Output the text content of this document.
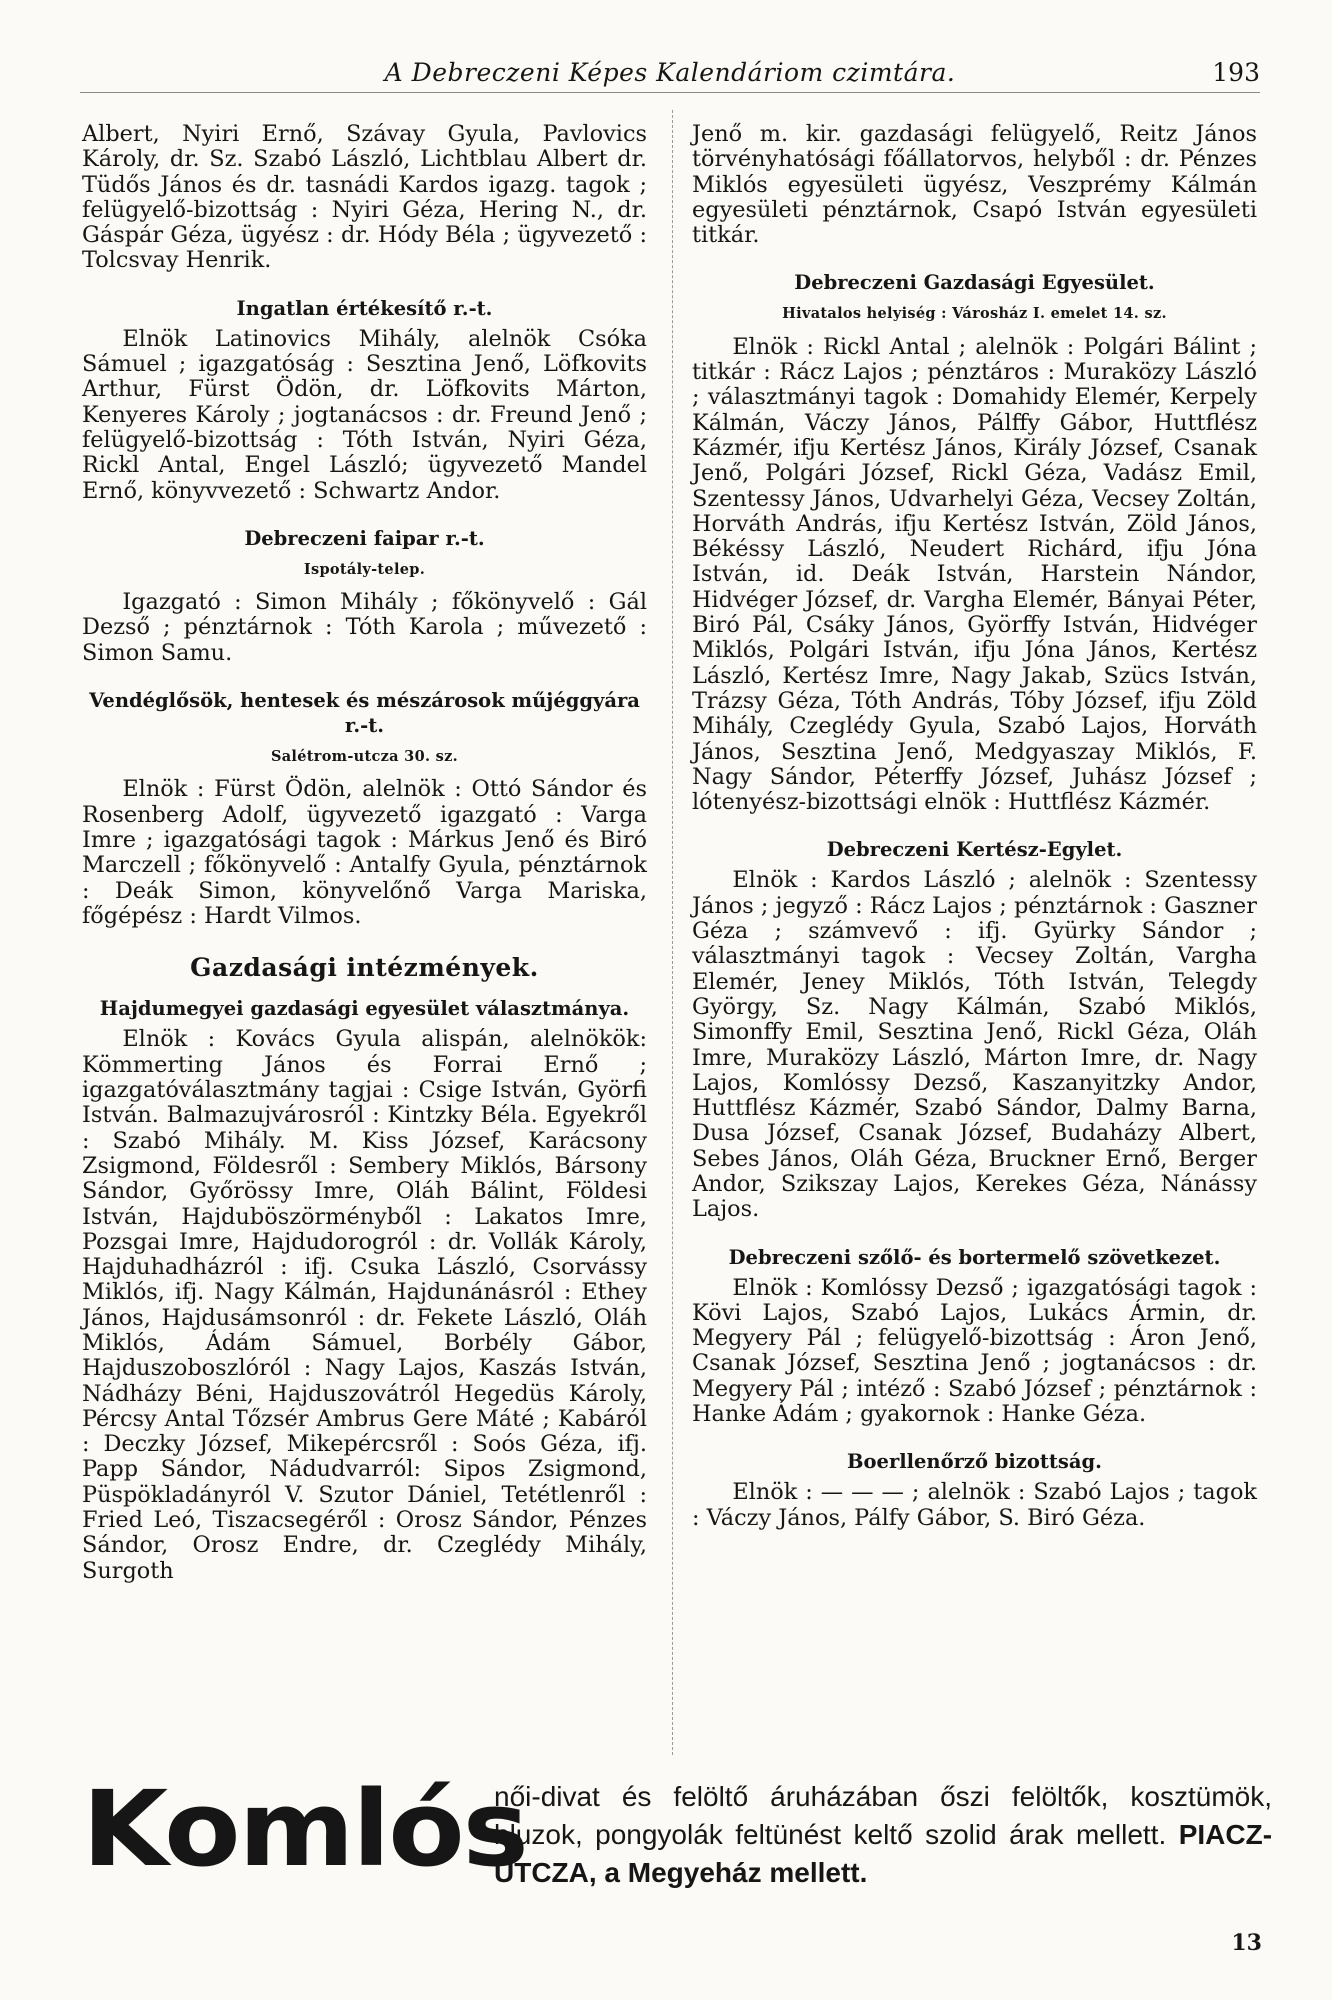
A Debreczeni Képes Kalendáriom czimtára.	193

Albert, Nyiri Ernő, Szávay Gyula, Pavlovics Károly, dr. Sz. Szabó László, Lichtblau Albert dr. Tüdős János és dr. tasnádi Kardos igazg. tagok ; felügyelő-bizottság : Nyiri Géza, Hering N., dr. Gáspár Géza, ügyész : dr. Hódy Béla ; ügyvezető : Tolcsvay Henrik.

Ingatlan értékesítő r.-t.

Elnök Latinovics Mihály, alelnök Csóka Sámuel ; igazgatóság : Sesztina Jenő, Löfkovits Arthur, Fürst Ödön, dr. Löfkovits Márton, Kenyeres Károly ; jogtanácsos : dr. Freund Jenő ; felügyelő-bizottság : Tóth István, Nyiri Géza, Rickl Antal, Engel László; ügyvezető Mandel Ernő, könyvvezető : Schwartz Andor.

Debreczeni faipar r.-t.
Ispotály-telep.

Igazgató : Simon Mihály ; főkönyvelő : Gál Dezső ; pénztárnok : Tóth Karola ; művezető : Simon Samu.

Vendéglősök, hentesek és mészárosok műjéggyára r.-t.
Salétrom-utcza 30. sz.

Elnök : Fürst Ödön, alelnök : Ottó Sándor és Rosenberg Adolf, ügyvezető igazgató : Varga Imre ; igazgatósági tagok : Márkus Jenő és Biró Marczell ; főkönyvelő : Antalfy Gyula, pénztárnok : Deák Simon, könyvelőnő Varga Mariska, főgépész : Hardt Vilmos.

Gazdasági intézmények.
Hajdumegyei gazdasági egyesület választmánya.

Elnök : Kovács Gyula alispán, alelnökök: Kömmerting János és Forrai Ernő ; igazgatóválasztmány tagjai : Csige István, Györfi István. Balmazujvárosról : Kintzky Béla. Egyekről : Szabó Mihály. M. Kiss József, Karácsony Zsigmond, Földesről : Sembery Miklós, Bársony Sándor, Győrössy Imre, Oláh Bálint, Földesi István, Hajduböszörményből : Lakatos Imre, Pozsgai Imre, Hajdudorogról : dr. Vollák Károly, Hajduhadházról : ifj. Csuka László, Csorvássy Miklós, ifj. Nagy Kálmán, Hajdunánásról : Ethey János, Hajdusámsonról : dr. Fekete László, Oláh Miklós, Ádám Sámuel, Borbély Gábor, Hajduszoboszlóról : Nagy Lajos, Kaszás István, Nádházy Béni, Hajduszovátról Hegedüs Károly, Pércsy Antal Tőzsér Ambrus Gere Máté ; Kabáról : Deczky József, Mikepércsről : Soós Géza, ifj. Papp Sándor, Nádudvarról: Sipos Zsigmond, Püspökladányról V. Szutor Dániel, Tetétlenről : Fried Leó, Tiszacsegéről : Orosz Sándor, Pénzes Sándor, Orosz Endre, dr. Czeglédy Mihály, Surgoth

Jenő m. kir. gazdasági felügyelő, Reitz János törvényhatósági főállatorvos, helyből : dr. Pénzes Miklós egyesületi ügyész, Veszprémy Kálmán egyesületi pénztárnok, Csapó István egyesületi titkár.

Debreczeni Gazdasági Egyesület.
Hivatalos helyiség : Városház I. emelet 14. sz.

Elnök : Rickl Antal ; alelnök : Polgári Bálint ; titkár : Rácz Lajos ; pénztáros : Muraközy László ; választmányi tagok : Domahidy Elemér, Kerpely Kálmán, Váczy János, Pálffy Gábor, Huttflész Kázmér, ifju Kertész János, Király József, Csanak Jenő, Polgári József, Rickl Géza, Vadász Emil, Szentessy János, Udvarhelyi Géza, Vecsey Zoltán, Horváth András, ifju Kertész István, Zöld János, Békéssy László, Neudert Richárd, ifju Jóna István, id. Deák István, Harstein Nándor, Hidvéger József, dr. Vargha Elemér, Bányai Péter, Biró Pál, Csáky János, Györffy István, Hidvéger Miklós, Polgári István, ifju Jóna János, Kertész László, Kertész Imre, Nagy Jakab, Szücs István, Trázsy Géza, Tóth András, Tóby József, ifju Zöld Mihály, Czeglédy Gyula, Szabó Lajos, Horváth János, Sesztina Jenő, Medgyaszay Miklós, F. Nagy Sándor, Péterffy József, Juhász József ; lótenyész-bizottsági elnök : Huttflész Kázmér.

Debreczeni Kertész-Egylet.

Elnök : Kardos László ; alelnök : Szentessy János ; jegyző : Rácz Lajos ; pénztárnok : Gaszner Géza ; számvevő : ifj. Gyürky Sándor ; választmányi tagok : Vecsey Zoltán, Vargha Elemér, Jeney Miklós, Tóth István, Telegdy György, Sz. Nagy Kálmán, Szabó Miklós, Simonffy Emil, Sesztina Jenő, Rickl Géza, Oláh Imre, Muraközy László, Márton Imre, dr. Nagy Lajos, Komlóssy Dezső, Kaszanyitzky Andor, Huttflész Kázmér, Szabó Sándor, Dalmy Barna, Dusa József, Csanak József, Budaházy Albert, Sebes János, Oláh Géza, Bruckner Ernő, Berger Andor, Szikszay Lajos, Kerekes Géza, Nánássy Lajos.

Debreczeni szőlő- és bortermelő szövetkezet.

Elnök : Komlóssy Dezső ; igazgatósági tagok : Kövi Lajos, Szabó Lajos, Lukács Ármin, dr. Megyery Pál ; felügyelő-bizottság : Áron Jenő, Csanak József, Sesztina Jenő ; jogtanácsos : dr. Megyery Pál ; intéző : Szabó József ; pénztárnok : Hanke Ádám ; gyakornok : Hanke Géza.

Boerllenőrző bizottság.

Elnök : — — — ; alelnök : Szabó Lajos ; tagok : Váczy János, Pálfy Gábor, S. Biró Géza.

Komlós
női-divat és felöltő áruházában őszi felöltők, kosztümök, bluzok, pongyolák feltünést keltő szolid árak mellett. PIACZ-UTCZA, a Megyeház mellett.
13
